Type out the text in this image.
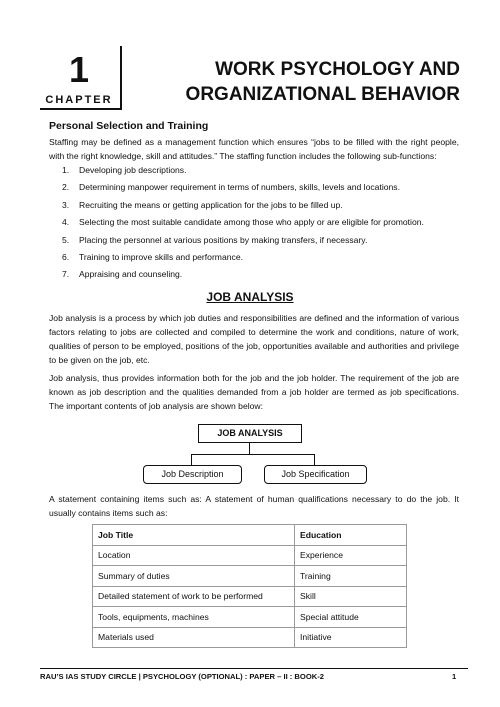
1
CHAPTER
WORK PSYCHOLOGY AND
ORGANIZATIONAL BEHAVIOR
Personal Selection and Training
Staffing may be defined as a management function which ensures “jobs to be filled with the right people, with the right knowledge, skill and attitudes.” The staffing function includes the following sub-functions:
1.	Developing job descriptions.
2.	Determining manpower requirement in terms of numbers, skills, levels and locations.
3.	Recruiting the means or getting application for the jobs to be filled up.
4.	Selecting the most suitable candidate among those who apply or are eligible for promotion.
5.	Placing the personnel at various positions by making transfers, if necessary.
6.	Training to improve skills and performance.
7.	Appraising and counseling.
JOB ANALYSIS
Job analysis is a process by which job duties and responsibilities are defined and the information of various factors relating to jobs are collected and compiled to determine the work and conditions, nature of work, qualities of person to be employed, positions of the job, opportunities available and authorities and privilege to be given on the job, etc.
Job analysis, thus provides information both for the job and the job holder. The requirement of the job are known as job description and the qualities demanded from a job holder are termed as job specifications. The important contents of job analysis are shown below:
JOB ANALYSIS
Job Description	Job Specification
A statement containing items such as: A statement of human qualifications necessary to do the job. It usually contains items such as:
Job Title	Education
Location	Experience
Summary of duties	Training
Detailed statement of work to be performed	Skill
Tools, equipments, machines	Special attitude
Materials used	Initiative
RAU’S IAS STUDY CIRCLE | PSYCHOLOGY (OPTIONAL) : PAPER – II : BOOK-2	1
